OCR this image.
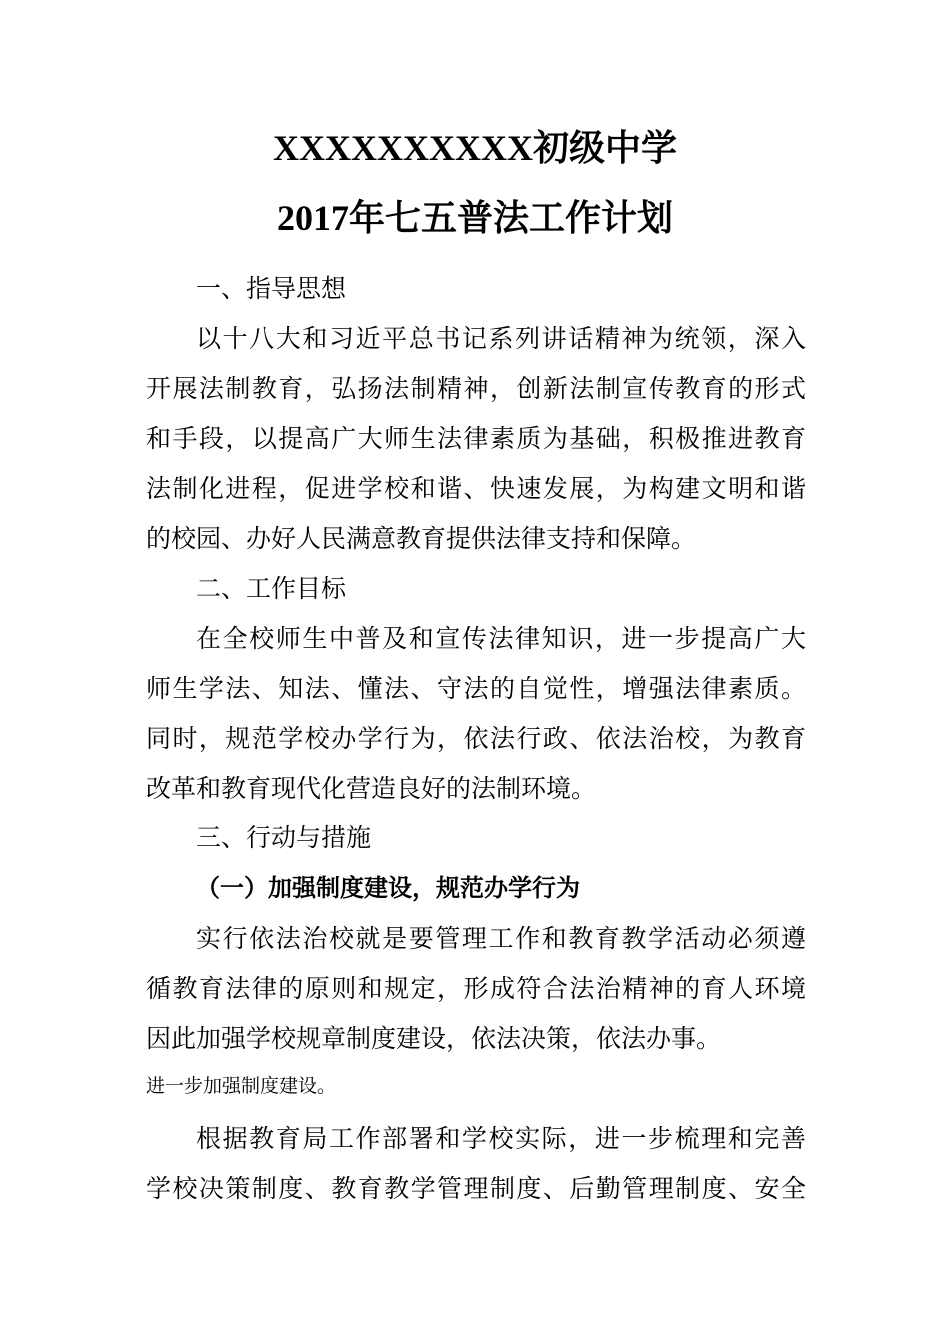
XXXXXXXXXX初级中学
2017年七五普法工作计划
一、指导思想
以十八大和习近平总书记系列讲话精神为统领，深入
开展法制教育，弘扬法制精神，创新法制宣传教育的形式
和手段，以提高广大师生法律素质为基础，积极推进教育
法制化进程，促进学校和谐、快速发展，为构建文明和谐
的校园、办好人民满意教育提供法律支持和保障。
二、工作目标
在全校师生中普及和宣传法律知识，进一步提高广大
师生学法、知法、懂法、守法的自觉性，增强法律素质。
同时，规范学校办学行为，依法行政、依法治校，为教育
改革和教育现代化营造良好的法制环境。
三、行动与措施
（一）加强制度建设，规范办学行为
实行依法治校就是要管理工作和教育教学活动必须遵
循教育法律的原则和规定，形成符合法治精神的育人环境
因此加强学校规章制度建设，依法决策，依法办事。
进一步加强制度建设。
根据教育局工作部署和学校实际，进一步梳理和完善
学校决策制度、教育教学管理制度、后勤管理制度、安全
